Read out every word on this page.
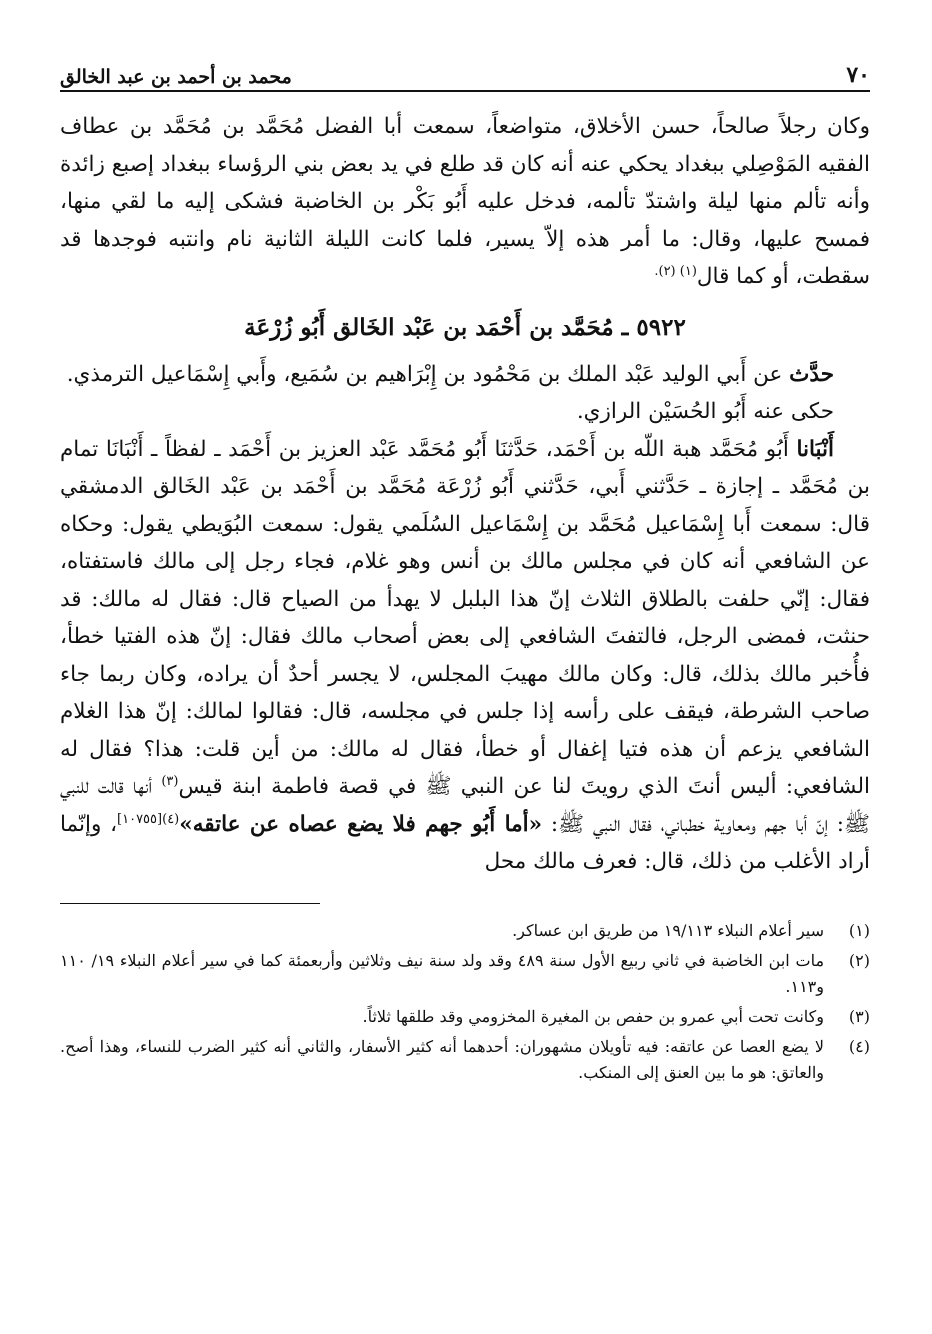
٧٠
محمد بن أحمد بن عبد الخالق

وكان رجلاً صالحاً، حسن الأخلاق، متواضعاً، سمعت أبا الفضل مُحَمَّد بن مُحَمَّد بن عطاف الفقيه المَوْصِلي ببغداد يحكي عنه أنه كان قد طلع في يد بعض بني الرؤساء ببغداد إصبع زائدة وأنه تألم منها ليلة واشتدّ تألمه، فدخل عليه أَبُو بَكْر بن الخاضبة فشكى إليه ما لقي منها، فمسح عليها، وقال: ما أمر هذه إلاّ يسير، فلما كانت الليلة الثانية نام وانتبه فوجدها قد سقطت، أو كما قال$^{(١) (٢).}$

٥٩٢٢ ـ مُحَمَّد بن أَحْمَد بن عَبْد الخَالق أَبُو زُرْعَة

حدَّث عن أَبي الوليد عَبْد الملك بن مَحْمُود بن إِبْرَاهيم بن سُمَيع، وأَبي إِسْمَاعيل الترمذي.

حكى عنه أَبُو الحُسَيْن الرازي.

أَنْبَانا أَبُو مُحَمَّد هبة اللّه بن أَحْمَد، حَدَّثنَا أَبُو مُحَمَّد عَبْد العزيز بن أَحْمَد ـ لفظاً ـ أَنْبَانَا تمام بن مُحَمَّد ـ إجازة ـ حَدَّثني أَبي، حَدَّثني أَبُو زُرْعَة مُحَمَّد بن أَحْمَد بن عَبْد الخَالق الدمشقي قال: سمعت أَبا إِسْمَاعيل مُحَمَّد بن إِسْمَاعيل السُلَمي يقول: سمعت البُوَيطي يقول: وحكاه عن الشافعي أنه كان في مجلس مالك بن أنس وهو غلام، فجاء رجل إلى مالك فاستفتاه، فقال: إنّي حلفت بالطلاق الثلاث إنّ هذا البلبل لا يهدأ من الصياح قال: فقال له مالك: قد حنثت، فمضى الرجل، فالتفتَ الشافعي إلى بعض أصحاب مالك فقال: إنّ هذه الفتيا خطأ، فأُخبر مالك بذلك، قال: وكان مالك مهيبَ المجلس، لا يجسر أحدٌ أن يراده، وكان ربما جاء صاحب الشرطة، فيقف على رأسه إذا جلس في مجلسه، قال: فقالوا لمالك: إنّ هذا الغلام الشافعي يزعم أن هذه فتيا إغفال أو خطأ، فقال له مالك: من أين قلت: هذا؟ فقال له الشافعي: أليس أنتَ الذي رويتَ لنا عن النبي ﷺ في قصة فاطمة ابنة قيس$^{(٣)}$ أنها قالت للنبي ﷺ: إنّ أبا جهم ومعاوية خطباني، فقال النبي ﷺ: «أما أَبُو جهم فلا يضع عصاه عن عاتقه»$^{(٤)[١٠٧٥٥]}$، وإنّما أراد الأغلب من ذلك، قال: فعرف مالك محل

(١)
سير أعلام النبلاء ١٩/١١٣ من طريق ابن عساكر.
(٢)
مات ابن الخاضبة في ثاني ربيع الأول سنة ٤٨٩ وقد ولد سنة نيف وثلاثين وأربعمئة كما في سير أعلام النبلاء ١٩/ ١١٠ و١١٣.
(٣)
وكانت تحت أبي عمرو بن حفص بن المغيرة المخزومي وقد طلقها ثلاثاً.
(٤)
لا يضع العصا عن عاتقه: فيه تأويلان مشهوران: أحدهما أنه كثير الأسفار، والثاني أنه كثير الضرب للنساء، وهذا أصح. والعاتق: هو ما بين العنق إلى المنكب.
